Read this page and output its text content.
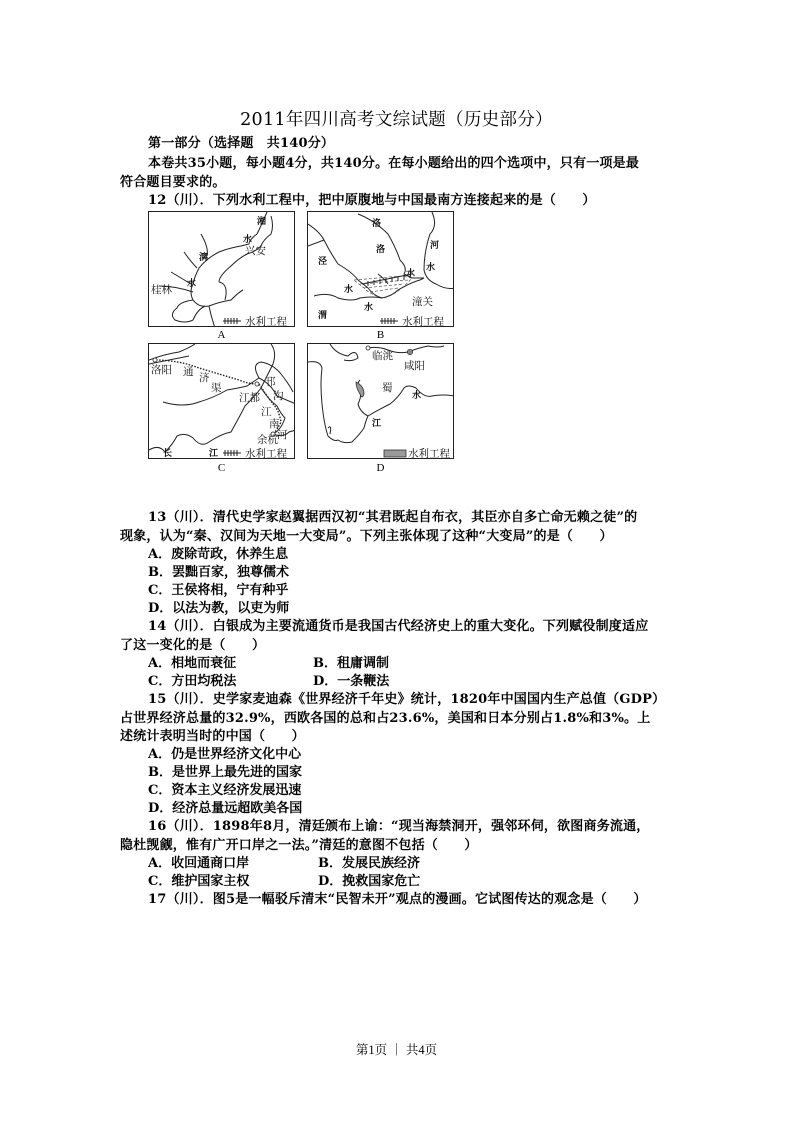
2011年四川高考文综试题（历史部分）
第一部分（选择题　共140分）
本卷共35小题，每小题4分，共140分。在每小题给出的四个选项中，只有一项是最
符合题目要求的。
12（川）．下列水利工程中，把中原腹地与中国最南方连接起来的是（　　）
湘
水
兴安
漓
水
桂林
水利工程
A
洛
洛	河
泾
水
水
水
渭
水	潼关
水利工程
B
洛阳 通 济
渠	邗
沟
江都
江
南
河
余杭
长	江	水利工程
C
临洮
咸阳
蜀
水
江
水利工程
D
13（川）．清代史学家赵翼据西汉初“其君既起自布衣，其臣亦自多亡命无赖之徒”的
现象，认为“秦、汉间为天地一大变局”。下列主张体现了这种“大变局”的是（　　）
A．废除苛政，休养生息
B．罢黜百家，独尊儒术
C．王侯将相，宁有种乎
D．以法为教，以吏为师
14（川）．白银成为主要流通货币是我国古代经济史上的重大变化。下列赋役制度适应
了这一变化的是（　　）
A．相地而衰征	B．租庸调制
C．方田均税法	D．一条鞭法
15（川）．史学家麦迪森《世界经济千年史》统计，1820年中国国内生产总值（GDP）
占世界经济总量的32.9%，西欧各国的总和占23.6%，美国和日本分别占1.8%和3%。上
述统计表明当时的中国（　　）
A．仍是世界经济文化中心
B．是世界上最先进的国家
C．资本主义经济发展迅速
D．经济总量远超欧美各国
16（川）．1898年8月，清廷颁布上谕：“现当海禁洞开，强邻环伺，欲图商务流通，
隐杜觊觎，惟有广开口岸之一法。”清廷的意图不包括（　　）
A．收回通商口岸	B．发展民族经济
C．维护国家主权	D．挽救国家危亡
17（川）．图5是一幅驳斥清末“民智未开”观点的漫画。它试图传达的观念是（　　）
第1页 ｜ 共4页
